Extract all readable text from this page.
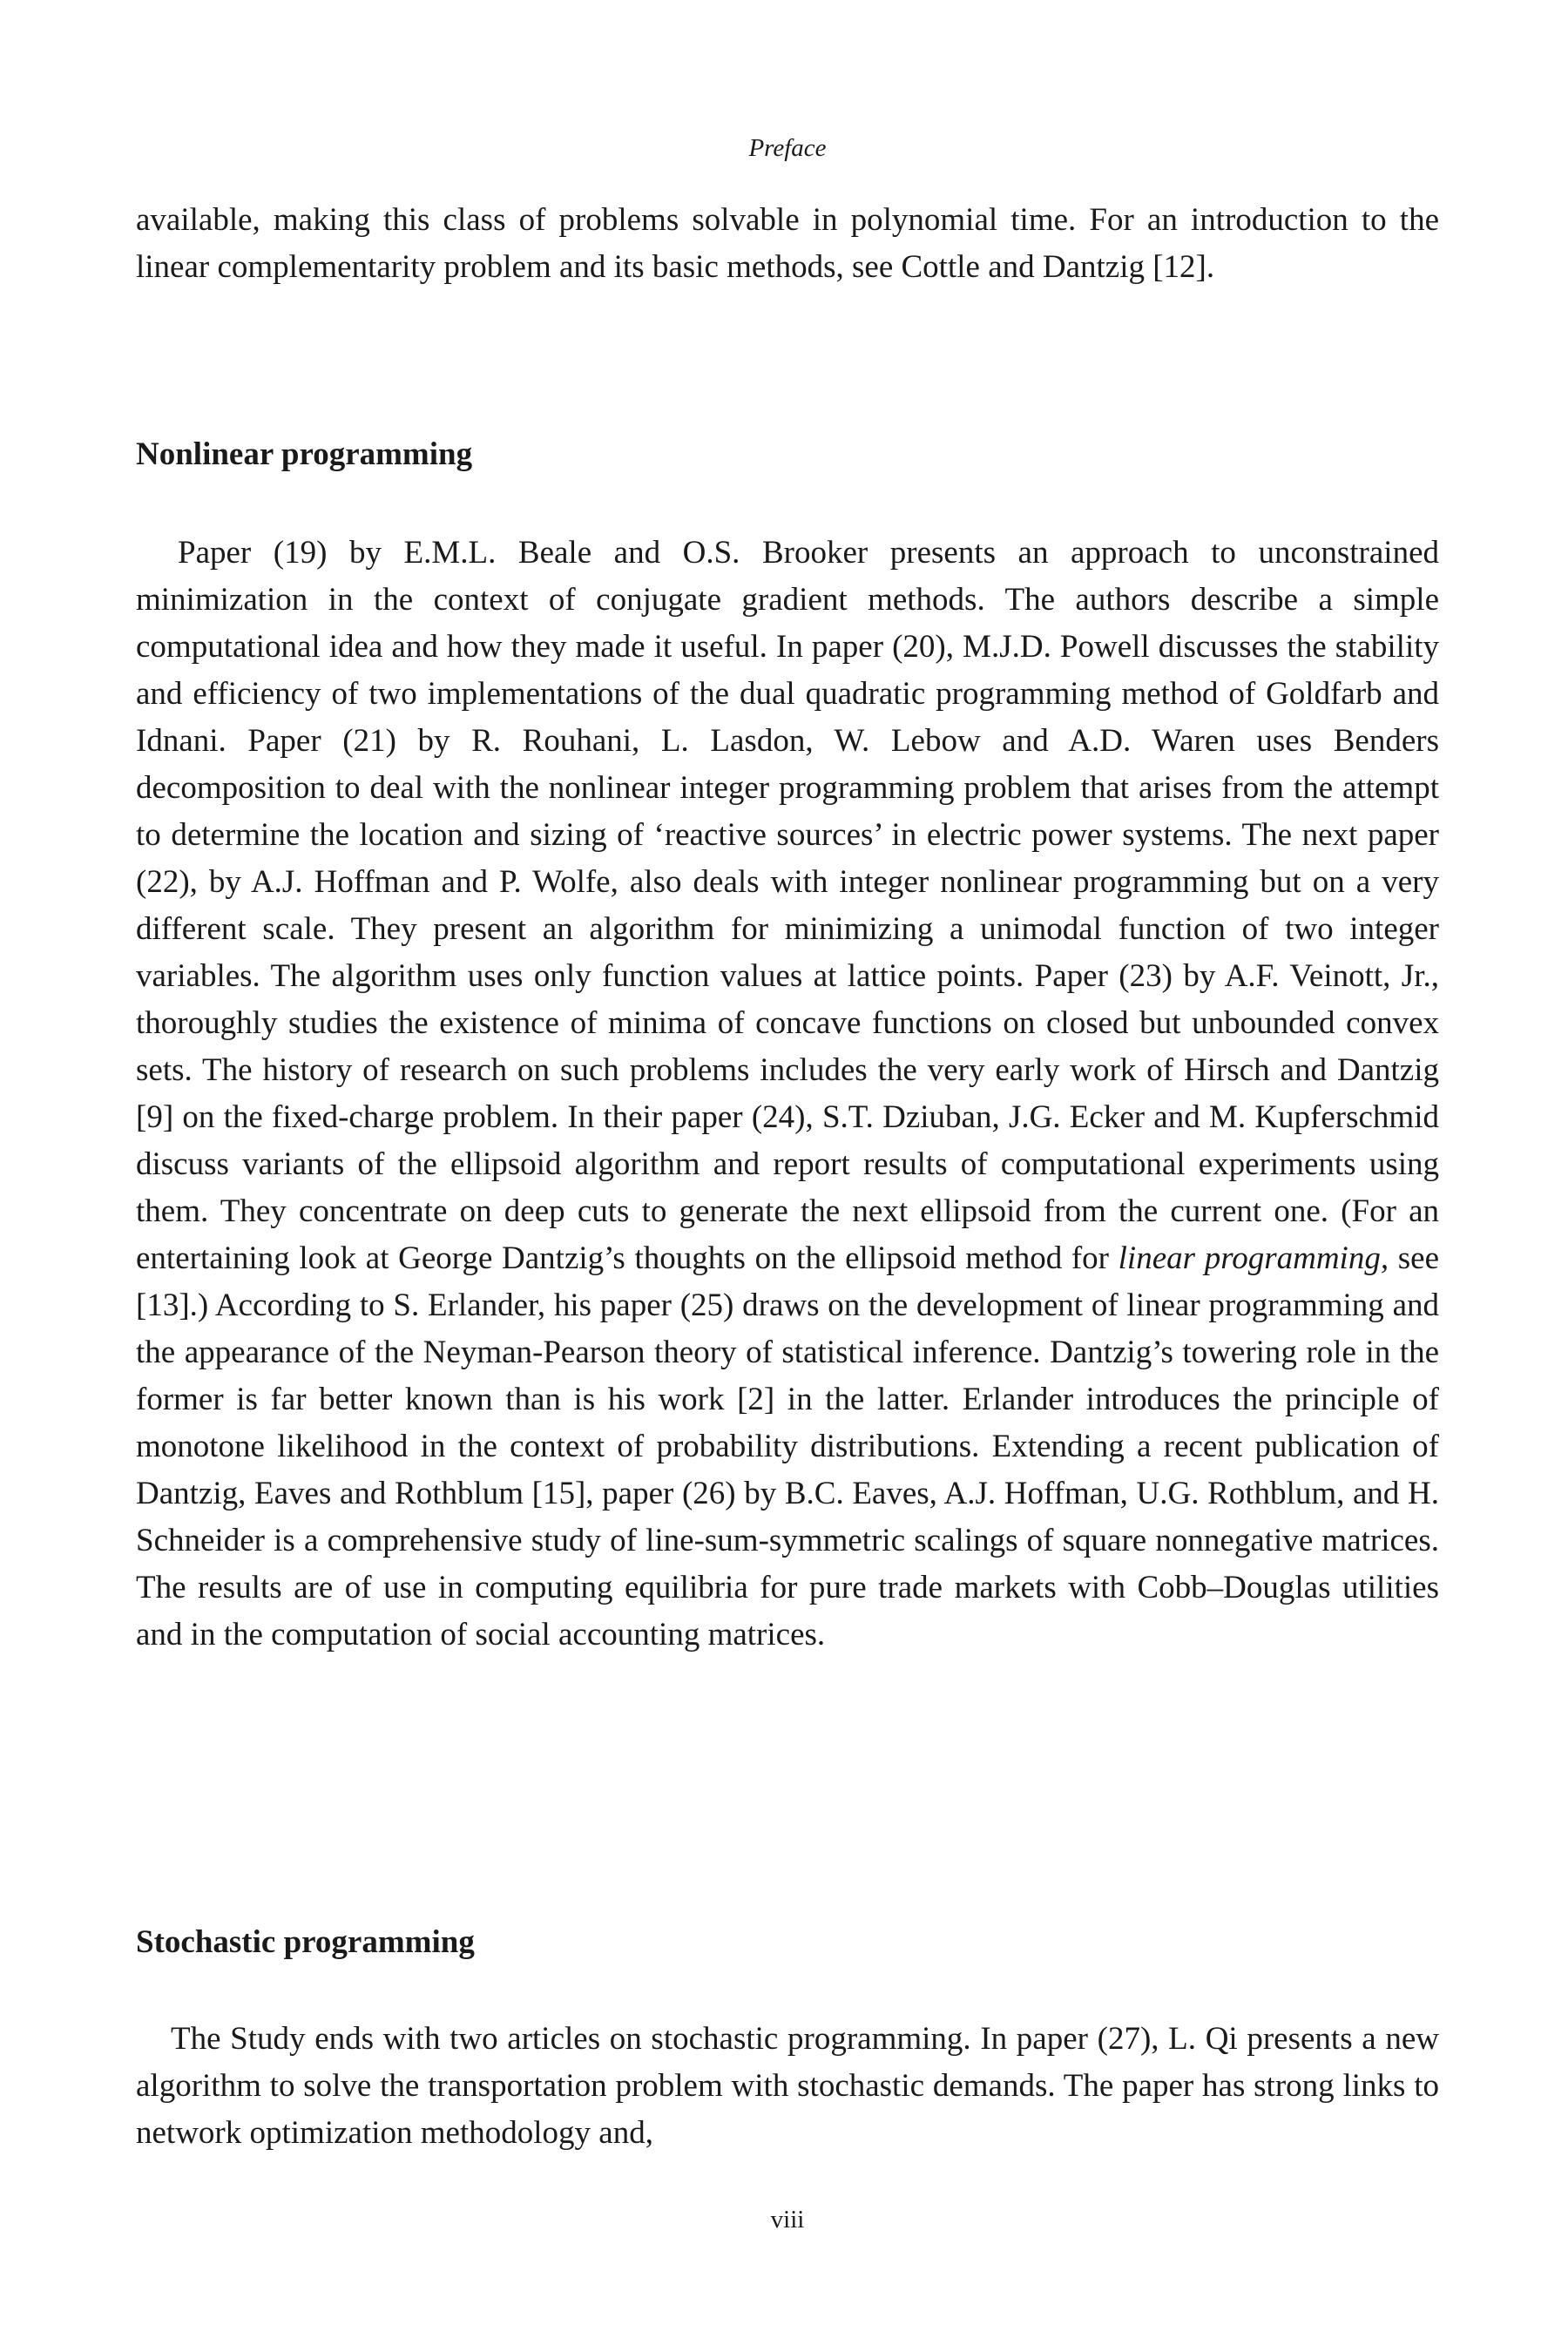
Preface

available, making this class of problems solvable in polynomial time. For an introduction to the linear complementarity problem and its basic methods, see Cottle and Dantzig [12].

Nonlinear programming

Paper (19) by E.M.L. Beale and O.S. Brooker presents an approach to unconstrained minimization in the context of conjugate gradient methods. The authors describe a simple computational idea and how they made it useful. In paper (20), M.J.D. Powell discusses the stability and efficiency of two implementations of the dual quadratic programming method of Goldfarb and Idnani. Paper (21) by R. Rouhani, L. Lasdon, W. Lebow and A.D. Waren uses Benders decomposition to deal with the nonlinear integer programming problem that arises from the attempt to determine the location and sizing of ‘reactive sources’ in electric power systems. The next paper (22), by A.J. Hoffman and P. Wolfe, also deals with integer nonlinear programming but on a very different scale. They present an algorithm for minimizing a unimodal function of two integer variables. The algorithm uses only function values at lattice points. Paper (23) by A.F. Veinott, Jr., thoroughly studies the existence of minima of concave functions on closed but unbounded convex sets. The history of research on such problems includes the very early work of Hirsch and Dantzig [9] on the fixed-charge problem. In their paper (24), S.T. Dziuban, J.G. Ecker and M. Kupferschmid discuss variants of the ellipsoid algorithm and report results of computational experiments using them. They concentrate on deep cuts to generate the next ellipsoid from the current one. (For an entertaining look at George Dantzig’s thoughts on the ellipsoid method for linear programming, see [13].) According to S. Erlander, his paper (25) draws on the development of linear programming and the appearance of the Neyman-Pearson theory of statistical inference. Dantzig’s towering role in the former is far better known than is his work [2] in the latter. Erlander introduces the principle of monotone likelihood in the context of probability distributions. Extending a recent publication of Dantzig, Eaves and Rothblum [15], paper (26) by B.C. Eaves, A.J. Hoffman, U.G. Rothblum, and H. Schneider is a comprehensive study of line-sum-symmetric scalings of square nonnegative matrices. The results are of use in computing equilibria for pure trade markets with Cobb–Douglas utilities and in the computation of social accounting matrices.

Stochastic programming

The Study ends with two articles on stochastic programming. In paper (27), L. Qi presents a new algorithm to solve the transportation problem with stochastic demands. The paper has strong links to network optimization methodology and,

viii
